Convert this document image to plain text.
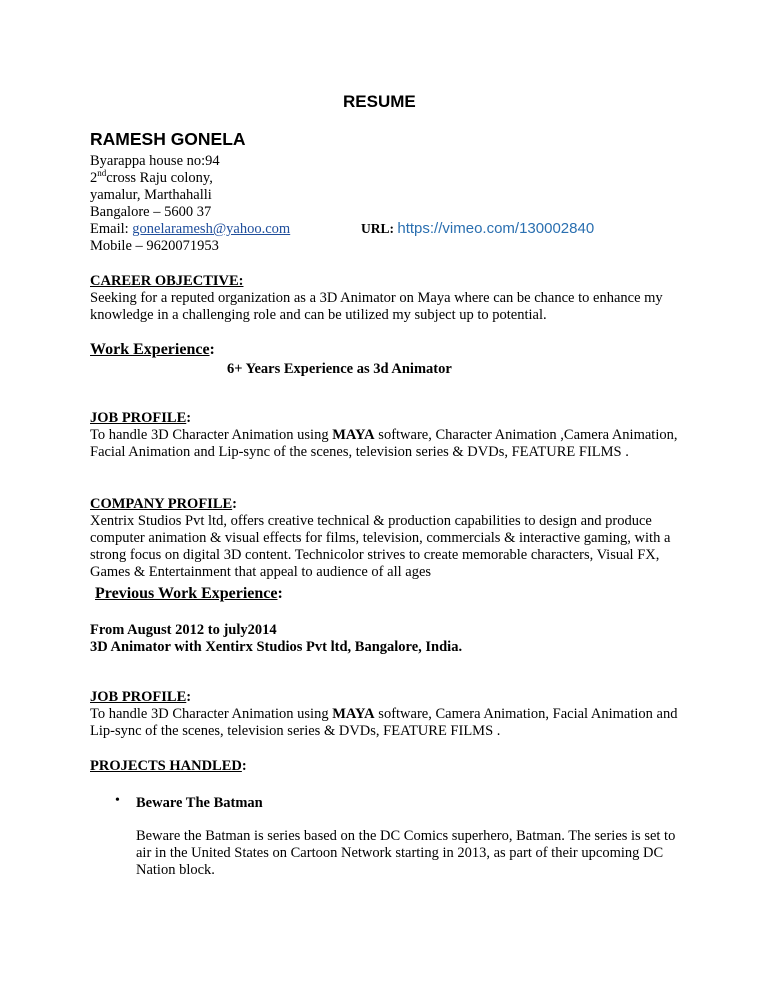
RESUME
RAMESH GONELA
Byarappa house no:94
2ndcross Raju colony,
yamalur, Marthahalli
Bangalore – 5600 37
Email: gonelaramesh@yahoo.com	URL: https://vimeo.com/130002840
Mobile – 9620071953
CAREER OBJECTIVE:
Seeking for a reputed organization as a 3D Animator on Maya where can be chance to enhance my knowledge in a challenging role and can be utilized my subject up to potential.
Work Experience:
6+ Years Experience as 3d Animator
JOB PROFILE:
To handle 3D Character Animation using MAYA software, Character Animation ,Camera Animation, Facial Animation and Lip-sync of the scenes, television series & DVDs, FEATURE FILMS .
COMPANY PROFILE:
Xentrix Studios Pvt ltd, offers creative technical & production capabilities to design and produce computer animation & visual effects for films, television, commercials & interactive gaming, with a strong focus on digital 3D content. Technicolor strives to create memorable characters, Visual FX, Games & Entertainment that appeal to audience of all ages
Previous Work Experience:
From August 2012 to july2014
3D Animator with Xentirx Studios Pvt ltd, Bangalore, India.
JOB PROFILE:
To handle 3D Character Animation using MAYA software, Camera Animation, Facial Animation and Lip-sync of the scenes, television series & DVDs, FEATURE FILMS .
PROJECTS HANDLED:
• Beware The Batman
Beware the Batman is series based on the DC Comics superhero, Batman. The series is set to air in the United States on Cartoon Network starting in 2013, as part of their upcoming DC Nation block.
